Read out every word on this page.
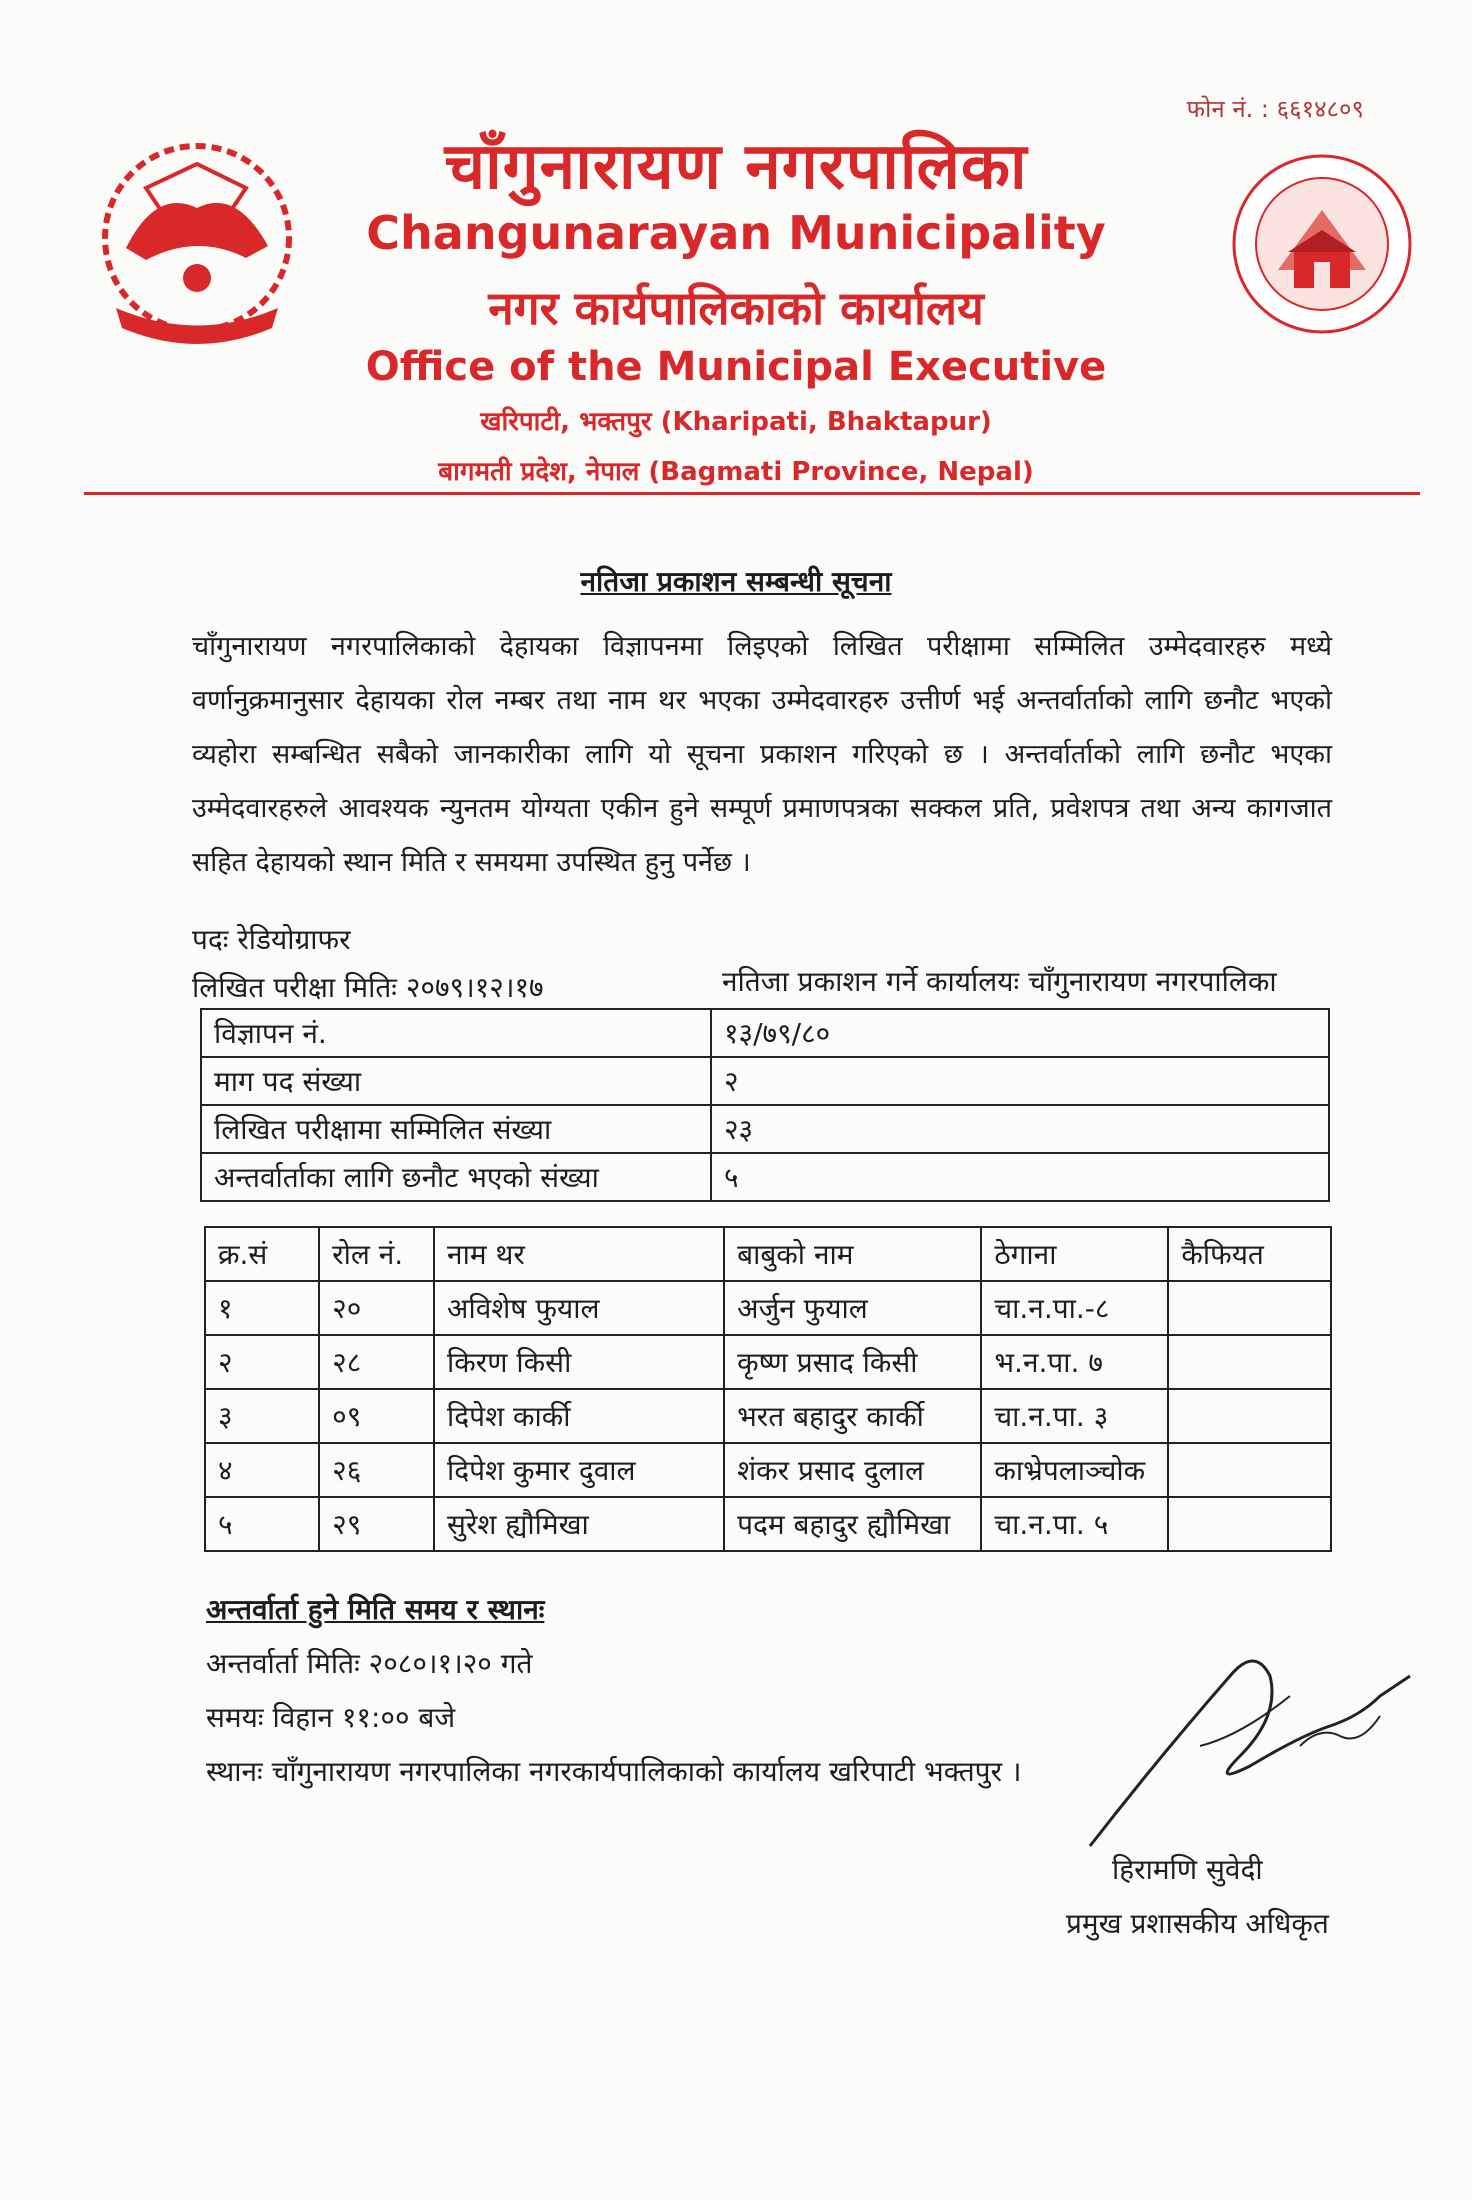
फोन नं. : ६६१४८०९
चाँगुनारायण नगरपालिका
Changunarayan Municipality
नगर कार्यपालिकाको कार्यालय
Office of the Municipal Executive
खरिपाटी, भक्तपुर (Kharipati, Bhaktapur)
बागमती प्रदेश, नेपाल (Bagmati Province, Nepal)
नतिजा प्रकाशन सम्बन्धी सूचना
चाँगुनारायण नगरपालिकाको देहायका विज्ञापनमा लिइएको लिखित परीक्षामा सम्मिलित उम्मेदवारहरु मध्ये वर्णानुक्रमानुसार देहायका रोल नम्बर तथा नाम थर भएका उम्मेदवारहरु उत्तीर्ण भई अन्तर्वार्ताको लागि छनौट भएको व्यहोरा सम्बन्धित सबैको जानकारीका लागि यो सूचना प्रकाशन गरिएको छ । अन्तर्वार्ताको लागि छनौट भएका उम्मेदवारहरुले आवश्यक न्युनतम योग्यता एकीन हुने सम्पूर्ण प्रमाणपत्रका सक्कल प्रति, प्रवेशपत्र तथा अन्य कागजात सहित देहायको स्थान मिति र समयमा उपस्थित हुनु पर्नेछ ।
पदः रेडियोग्राफर
लिखित परीक्षा मितिः २०७९।१२।१७	नतिजा प्रकाशन गर्ने कार्यालयः चाँगुनारायण नगरपालिका
विज्ञापन नं.	१३/७९/८०
माग पद संख्या	२
लिखित परीक्षामा सम्मिलित संख्या	२३
अन्तर्वार्ताका लागि छनौट भएको संख्या	५
क्र.सं	रोल नं.	नाम थर	बाबुको नाम	ठेगाना	कैफियत
१	२०	अविशेष फुयाल	अर्जुन फुयाल	चा.न.पा.-८	
२	२८	किरण किसी	कृष्ण प्रसाद किसी	भ.न.पा. ७	
३	०९	दिपेश कार्की	भरत बहादुर कार्की	चा.न.पा. ३	
४	२६	दिपेश कुमार दुवाल	शंकर प्रसाद दुलाल	काभ्रेपलाञ्चोक	
५	२९	सुरेश ह्यौमिखा	पदम बहादुर ह्यौमिखा	चा.न.पा. ५	
अन्तर्वार्ता हुने मिति समय र स्थानः
अन्तर्वार्ता मितिः २०८०।१।२० गते
समयः विहान ११:०० बजे
स्थानः चाँगुनारायण नगरपालिका नगरकार्यपालिकाको कार्यालय खरिपाटी भक्तपुर ।
हिरामणि सुवेदी
प्रमुख प्रशासकीय अधिकृत
